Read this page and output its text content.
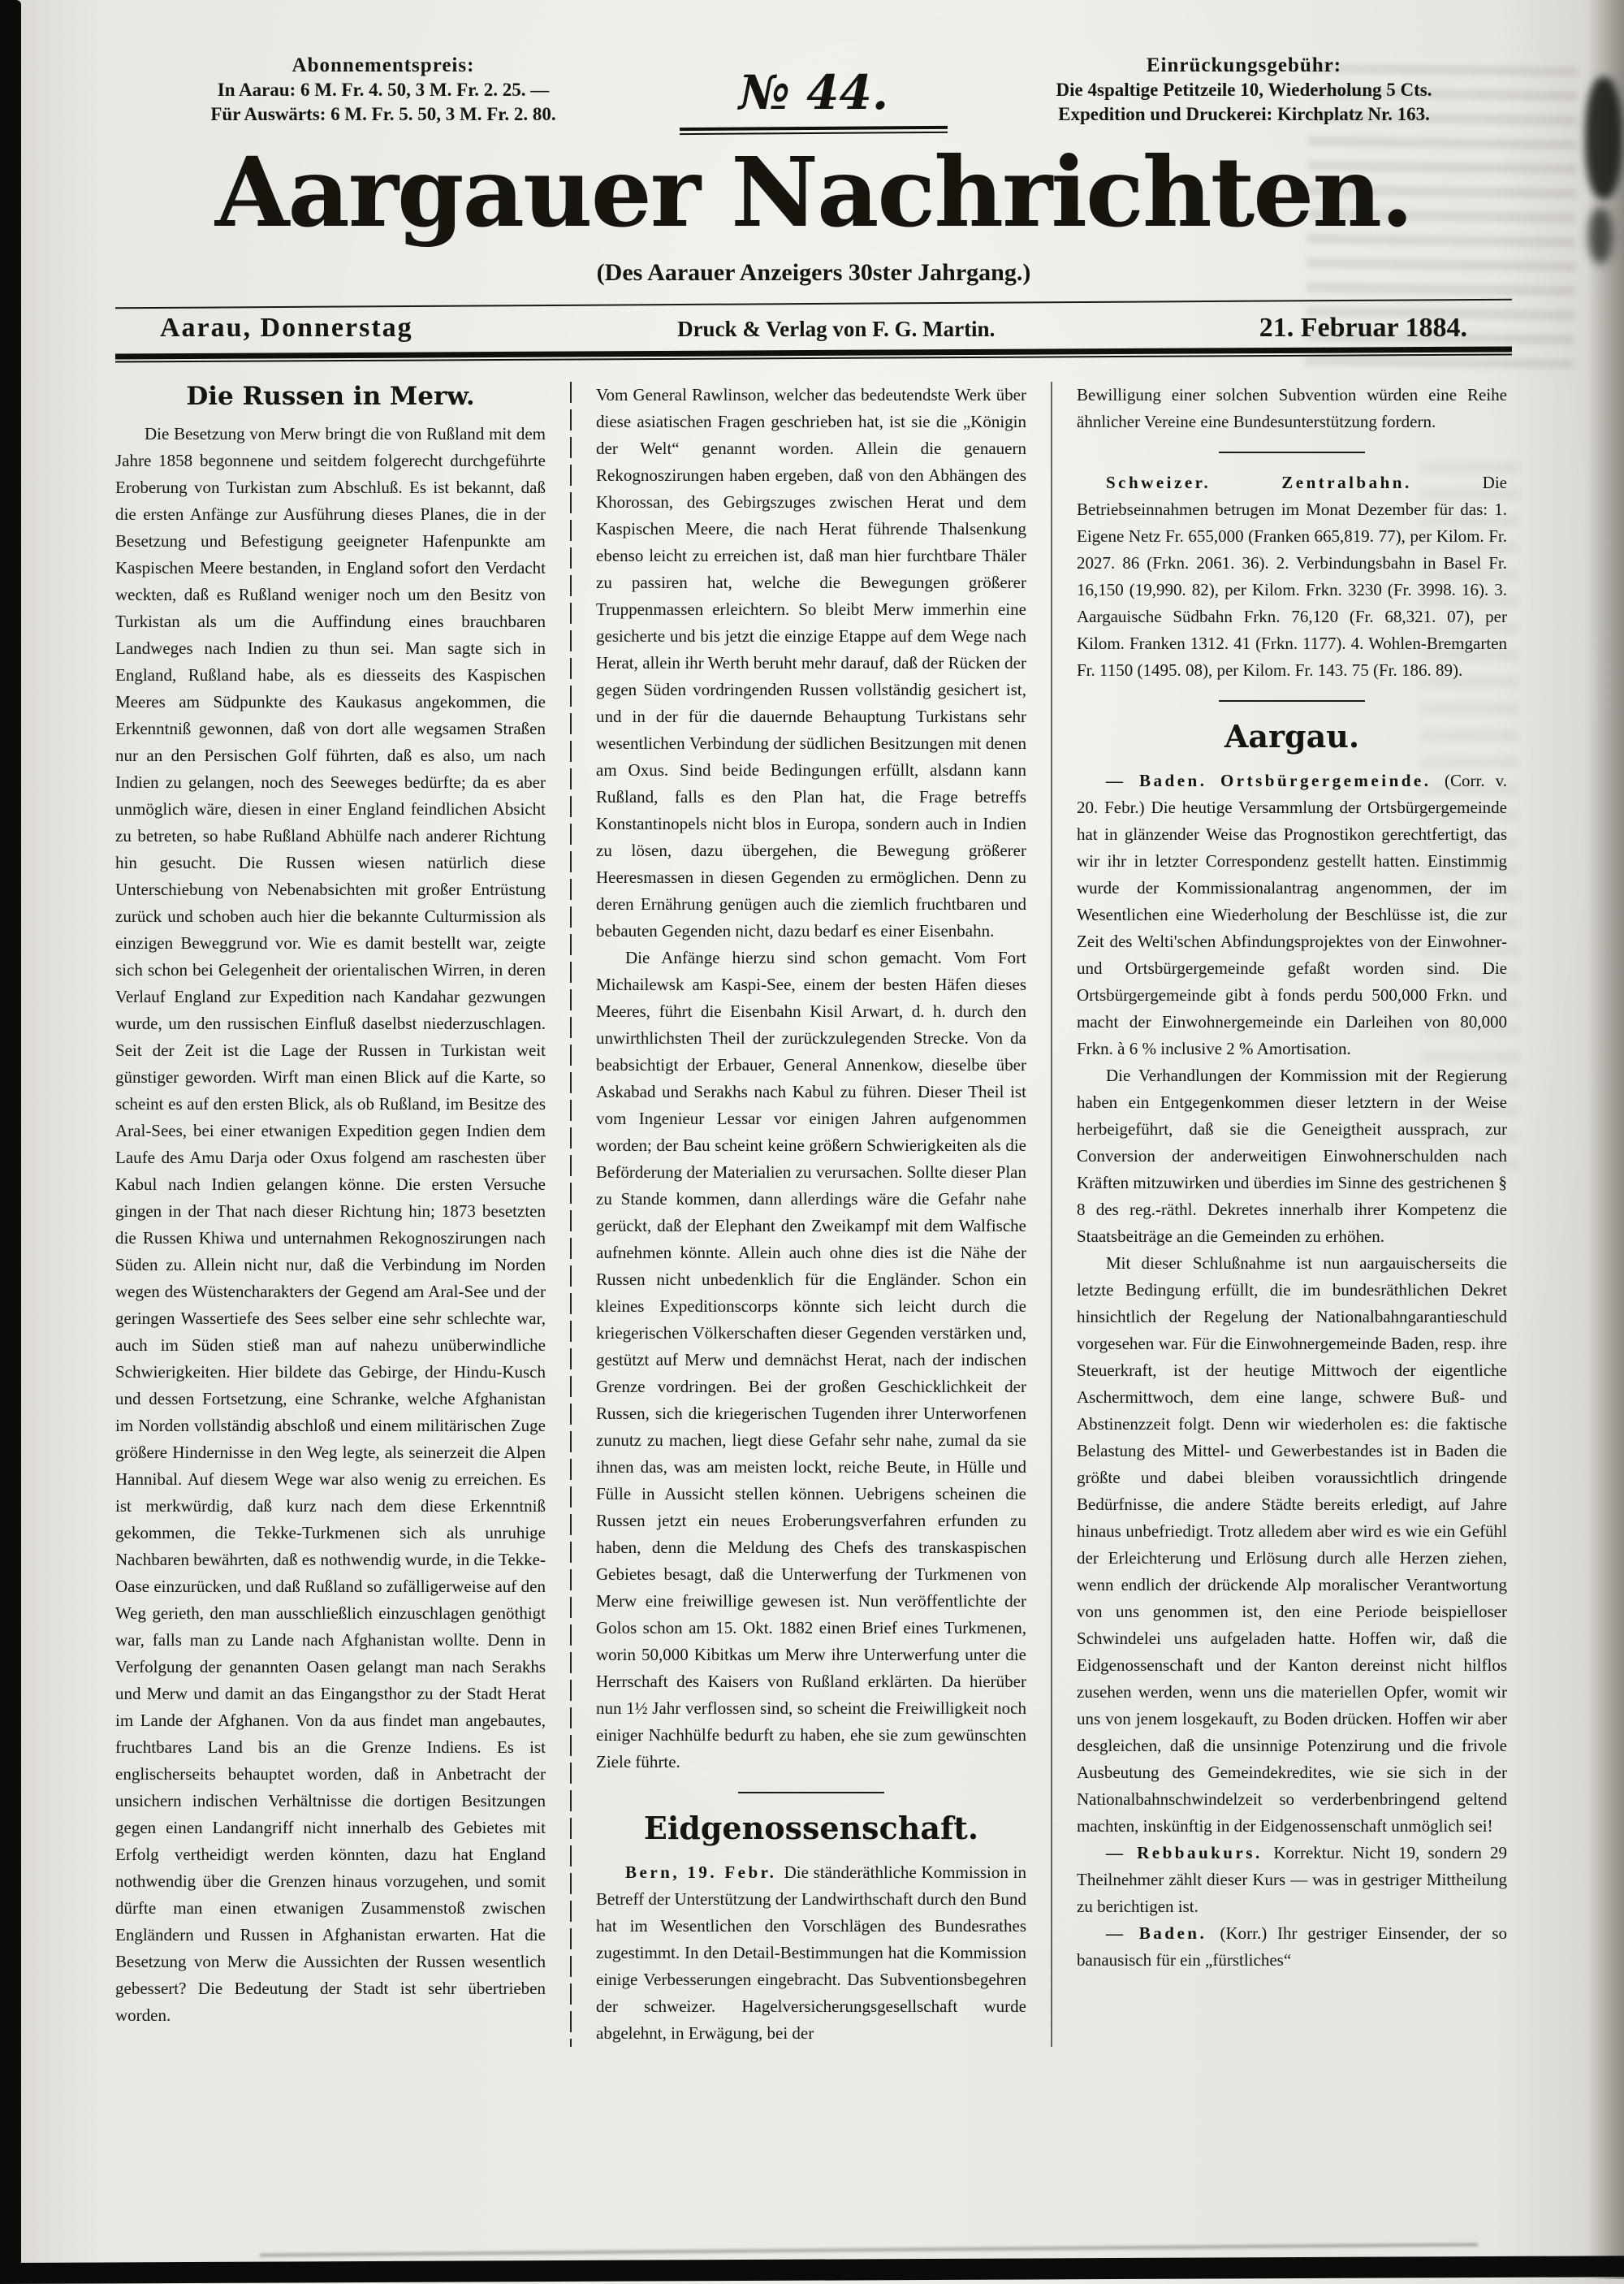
Abonnementspreis:
In Aarau: 6 M. Fr. 4. 50, 3 M. Fr. 2. 25. —
Für Auswärts: 6 M. Fr. 5. 50, 3 M. Fr. 2. 80.	№ 44.	Einrückungsgebühr:
Die 4spaltige Petitzeile 10, Wiederholung 5 Cts.
Expedition und Druckerei: Kirchplatz Nr. 163.
Aargauer Nachrichten.
(Des Aarauer Anzeigers 30ster Jahrgang.)
Aarau, Donnerstag	Druck & Verlag von F. G. Martin.	21. Februar 1884.
Die Russen in Merw.
Die Besetzung von Merw bringt die von Rußland mit dem Jahre 1858 begonnene und seitdem folgerecht durchgeführte Eroberung von Turkistan zum Abschluß. Es ist bekannt, daß die ersten Anfänge zur Ausführung dieses Planes, die in der Besetzung und Befestigung geeigneter Hafenpunkte am Kaspischen Meere bestanden, in England sofort den Verdacht weckten, daß es Rußland weniger noch um den Besitz von Turkistan als um die Auffindung eines brauchbaren Landweges nach Indien zu thun sei. Man sagte sich in England, Rußland habe, als es diesseits des Kaspischen Meeres am Südpunkte des Kaukasus angekommen, die Erkenntniß gewonnen, daß von dort alle wegsamen Straßen nur an den Persischen Golf führten, daß es also, um nach Indien zu gelangen, noch des Seeweges bedürfte; da es aber unmöglich wäre, diesen in einer England feindlichen Absicht zu betreten, so habe Rußland Abhülfe nach anderer Richtung hin gesucht. Die Russen wiesen natürlich diese Unterschiebung von Nebenabsichten mit großer Entrüstung zurück und schoben auch hier die bekannte Culturmission als einzigen Beweggrund vor. Wie es damit bestellt war, zeigte sich schon bei Gelegenheit der orientalischen Wirren, in deren Verlauf England zur Expedition nach Kandahar gezwungen wurde, um den russischen Einfluß daselbst niederzuschlagen. Seit der Zeit ist die Lage der Russen in Turkistan weit günstiger geworden. Wirft man einen Blick auf die Karte, so scheint es auf den ersten Blick, als ob Rußland, im Besitze des Aral-Sees, bei einer etwanigen Expedition gegen Indien dem Laufe des Amu Darja oder Oxus folgend am raschesten über Kabul nach Indien gelangen könne. Die ersten Versuche gingen in der That nach dieser Richtung hin; 1873 besetzten die Russen Khiwa und unternahmen Rekognoszirungen nach Süden zu. Allein nicht nur, daß die Verbindung im Norden wegen des Wüstencharakters der Gegend am Aral-See und der geringen Wassertiefe des Sees selber eine sehr schlechte war, auch im Süden stieß man auf nahezu unüberwindliche Schwierigkeiten. Hier bildete das Gebirge, der Hindu-Kusch und dessen Fortsetzung, eine Schranke, welche Afghanistan im Norden vollständig abschloß und einem militärischen Zuge größere Hindernisse in den Weg legte, als seinerzeit die Alpen Hannibal. Auf diesem Wege war also wenig zu erreichen. Es ist merkwürdig, daß kurz nach dem diese Erkenntniß gekommen, die Tekke-Turkmenen sich als unruhige Nachbaren bewährten, daß es nothwendig wurde, in die Tekke-Oase einzurücken, und daß Rußland so zufälligerweise auf den Weg gerieth, den man ausschließlich einzuschlagen genöthigt war, falls man zu Lande nach Afghanistan wollte. Denn in Verfolgung der genannten Oasen gelangt man nach Serakhs und Merw und damit an das Eingangsthor zu der Stadt Herat im Lande der Afghanen. Von da aus findet man angebautes, fruchtbares Land bis an die Grenze Indiens. Es ist englischerseits behauptet worden, daß in Anbetracht der unsichern indischen Verhältnisse die dortigen Besitzungen gegen einen Landangriff nicht innerhalb des Gebietes mit Erfolg vertheidigt werden könnten, dazu hat England nothwendig über die Grenzen hinaus vorzugehen, und somit dürfte man einen etwanigen Zusammenstoß zwischen Engländern und Russen in Afghanistan erwarten. Hat die Besetzung von Merw die Aussichten der Russen wesentlich gebessert? Die Bedeutung der Stadt ist sehr übertrieben worden.
Vom General Rawlinson, welcher das bedeutendste Werk über diese asiatischen Fragen geschrieben hat, ist sie die „Königin der Welt“ genannt worden. Allein die genauern Rekognoszirungen haben ergeben, daß von den Abhängen des Khorossan, des Gebirgszuges zwischen Herat und dem Kaspischen Meere, die nach Herat führende Thalsenkung ebenso leicht zu erreichen ist, daß man hier furchtbare Thäler zu passiren hat, welche die Bewegungen größerer Truppenmassen erleichtern. So bleibt Merw immerhin eine gesicherte und bis jetzt die einzige Etappe auf dem Wege nach Herat, allein ihr Werth beruht mehr darauf, daß der Rücken der gegen Süden vordringenden Russen vollständig gesichert ist, und in der für die dauernde Behauptung Turkistans sehr wesentlichen Verbindung der südlichen Besitzungen mit denen am Oxus. Sind beide Bedingungen erfüllt, alsdann kann Rußland, falls es den Plan hat, die Frage betreffs Konstantinopels nicht blos in Europa, sondern auch in Indien zu lösen, dazu übergehen, die Bewegung größerer Heeresmassen in diesen Gegenden zu ermöglichen. Denn zu deren Ernährung genügen auch die ziemlich fruchtbaren und bebauten Gegenden nicht, dazu bedarf es einer Eisenbahn.
Die Anfänge hierzu sind schon gemacht. Vom Fort Michailewsk am Kaspi-See, einem der besten Häfen dieses Meeres, führt die Eisenbahn Kisil Arwart, d. h. durch den unwirthlichsten Theil der zurückzulegenden Strecke. Von da beabsichtigt der Erbauer, General Annenkow, dieselbe über Askabad und Serakhs nach Kabul zu führen. Dieser Theil ist vom Ingenieur Lessar vor einigen Jahren aufgenommen worden; der Bau scheint keine größern Schwierigkeiten als die Beförderung der Materialien zu verursachen. Sollte dieser Plan zu Stande kommen, dann allerdings wäre die Gefahr nahe gerückt, daß der Elephant den Zweikampf mit dem Walfische aufnehmen könnte. Allein auch ohne dies ist die Nähe der Russen nicht unbedenklich für die Engländer. Schon ein kleines Expeditionscorps könnte sich leicht durch die kriegerischen Völkerschaften dieser Gegenden verstärken und, gestützt auf Merw und demnächst Herat, nach der indischen Grenze vordringen. Bei der großen Geschicklichkeit der Russen, sich die kriegerischen Tugenden ihrer Unterworfenen zunutz zu machen, liegt diese Gefahr sehr nahe, zumal da sie ihnen das, was am meisten lockt, reiche Beute, in Hülle und Fülle in Aussicht stellen können. Uebrigens scheinen die Russen jetzt ein neues Eroberungsverfahren erfunden zu haben, denn die Meldung des Chefs des transkaspischen Gebietes besagt, daß die Unterwerfung der Turkmenen von Merw eine freiwillige gewesen ist. Nun veröffentlichte der Golos schon am 15. Okt. 1882 einen Brief eines Turkmenen, worin 50,000 Kibitkas um Merw ihre Unterwerfung unter die Herrschaft des Kaisers von Rußland erklärten. Da hierüber nun 1½ Jahr verflossen sind, so scheint die Freiwilligkeit noch einiger Nachhülfe bedurft zu haben, ehe sie zum gewünschten Ziele führte.
Eidgenossenschaft.
Bern, 19. Febr. Die ständeräthliche Kommission in Betreff der Unterstützung der Landwirthschaft durch den Bund hat im Wesentlichen den Vorschlägen des Bundesrathes zugestimmt. In den Detail-Bestimmungen hat die Kommission einige Verbesserungen eingebracht. Das Subventionsbegehren der schweizer. Hagelversicherungsgesellschaft wurde abgelehnt, in Erwägung, bei der
Bewilligung einer solchen Subvention würden eine Reihe ähnlicher Vereine eine Bundesunterstützung fordern.
Schweizer. Zentralbahn. Die Betriebseinnahmen betrugen im Monat Dezember für das: 1. Eigene Netz Fr. 655,000 (Franken 665,819. 77), per Kilom. Fr. 2027. 86 (Frkn. 2061. 36). 2. Verbindungsbahn in Basel Fr. 16,150 (19,990. 82), per Kilom. Frkn. 3230 (Fr. 3998. 16). 3. Aargauische Südbahn Frkn. 76,120 (Fr. 68,321. 07), per Kilom. Franken 1312. 41 (Frkn. 1177). 4. Wohlen-Bremgarten Fr. 1150 (1495. 08), per Kilom. Fr. 143. 75 (Fr. 186. 89).
Aargau.
— Baden. Ortsbürgergemeinde. (Corr. v. 20. Febr.) Die heutige Versammlung der Ortsbürgergemeinde hat in glänzender Weise das Prognostikon gerechtfertigt, das wir ihr in letzter Correspondenz gestellt hatten. Einstimmig wurde der Kommissionalantrag angenommen, der im Wesentlichen eine Wiederholung der Beschlüsse ist, die zur Zeit des Welti'schen Abfindungsprojektes von der Einwohner- und Ortsbürgergemeinde gefaßt worden sind. Die Ortsbürgergemeinde gibt à fonds perdu 500,000 Frkn. und macht der Einwohnergemeinde ein Darleihen von 80,000 Frkn. à 6 % inclusive 2 % Amortisation.
Die Verhandlungen der Kommission mit der Regierung haben ein Entgegenkommen dieser letztern in der Weise herbeigeführt, daß sie die Geneigtheit aussprach, zur Conversion der anderweitigen Einwohnerschulden nach Kräften mitzuwirken und überdies im Sinne des gestrichenen § 8 des reg.-räthl. Dekretes innerhalb ihrer Kompetenz die Staatsbeiträge an die Gemeinden zu erhöhen.
Mit dieser Schlußnahme ist nun aargauischerseits die letzte Bedingung erfüllt, die im bundesräthlichen Dekret hinsichtlich der Regelung der Nationalbahngarantieschuld vorgesehen war. Für die Einwohnergemeinde Baden, resp. ihre Steuerkraft, ist der heutige Mittwoch der eigentliche Aschermittwoch, dem eine lange, schwere Buß- und Abstinenzzeit folgt. Denn wir wiederholen es: die faktische Belastung des Mittel- und Gewerbestandes ist in Baden die größte und dabei bleiben voraussichtlich dringende Bedürfnisse, die andere Städte bereits erledigt, auf Jahre hinaus unbefriedigt. Trotz alledem aber wird es wie ein Gefühl der Erleichterung und Erlösung durch alle Herzen ziehen, wenn endlich der drückende Alp moralischer Verantwortung von uns genommen ist, den eine Periode beispielloser Schwindelei uns aufgeladen hatte. Hoffen wir, daß die Eidgenossenschaft und der Kanton dereinst nicht hilflos zusehen werden, wenn uns die materiellen Opfer, womit wir uns von jenem losgekauft, zu Boden drücken. Hoffen wir aber desgleichen, daß die unsinnige Potenzirung und die frivole Ausbeutung des Gemeindekredites, wie sie sich in der Nationalbahnschwindelzeit so verderbenbringend geltend machten, inskünftig in der Eidgenossenschaft unmöglich sei!
— Rebbaukurs. Korrektur. Nicht 19, sondern 29 Theilnehmer zählt dieser Kurs — was in gestriger Mittheilung zu berichtigen ist.
— Baden. (Korr.) Ihr gestriger Einsender, der so banausisch für ein „fürstliches“
